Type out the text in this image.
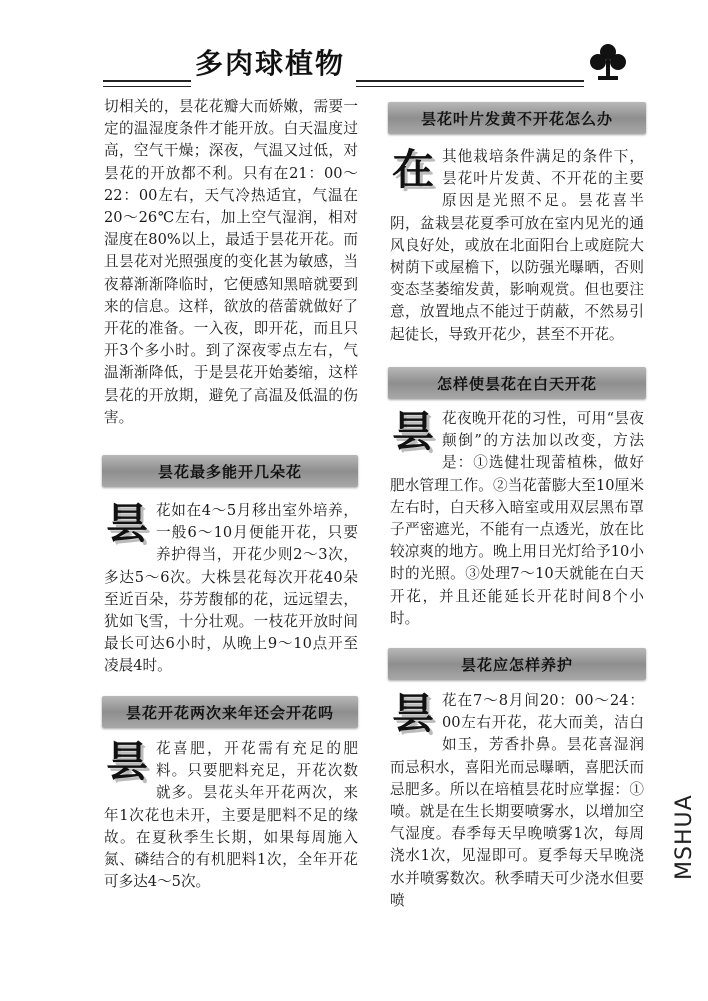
多肉球植物

切相关的，昙花花瓣大而娇嫩，需要一定的温湿度条件才能开放。白天温度过高，空气干燥；深夜，气温又过低，对昙花的开放都不利。只有在21：00～22：00左右，天气冷热适宜，气温在20～26℃左右，加上空气湿润，相对湿度在80%以上，最适于昙花开花。而且昙花对光照强度的变化甚为敏感，当夜幕渐渐降临时，它便感知黑暗就要到来的信息。这样，欲放的蓓蕾就做好了开花的准备。一入夜，即开花，而且只开3个多小时。到了深夜零点左右，气温渐渐降低，于是昙花开始萎缩，这样昙花的开放期，避免了高温及低温的伤害。

昙花最多能开几朵花
昙 花如在4～5月移出室外培养，一般6～10月便能开花，只要养护得当，开花少则2～3次，多达5～6次。大株昙花每次开花40朵至近百朵，芬芳馥郁的花，远远望去，犹如飞雪，十分壮观。一枝花开放时间最长可达6小时，从晚上9～10点开至凌晨4时。

昙花开花两次来年还会开花吗
昙 花喜肥，开花需有充足的肥料。只要肥料充足，开花次数就多。昙花头年开花两次，来年1次花也未开，主要是肥料不足的缘故。在夏秋季生长期，如果每周施入氮、磷结合的有机肥料1次，全年开花可多达4～5次。

昙花叶片发黄不开花怎么办
在 其他栽培条件满足的条件下，昙花叶片发黄、不开花的主要原因是光照不足。昙花喜半阴，盆栽昙花夏季可放在室内见光的通风良好处，或放在北面阳台上或庭院大树荫下或屋檐下，以防强光曝晒，否则变态茎萎缩发黄，影响观赏。但也要注意，放置地点不能过于荫蔽，不然易引起徒长，导致开花少，甚至不开花。

怎样使昙花在白天开花
昙 花夜晚开花的习性，可用“昙夜颠倒”的方法加以改变，方法是：①选健壮现蕾植株，做好肥水管理工作。②当花蕾膨大至10厘米左右时，白天移入暗室或用双层黑布罩子严密遮光，不能有一点透光，放在比较凉爽的地方。晚上用日光灯给予10小时的光照。③处理7～10天就能在白天开花，并且还能延长开花时间8个小时。

昙花应怎样养护
昙 花在7～8月间20：00～24：00左右开花，花大而美，洁白如玉，芳香扑鼻。昙花喜湿润而忌积水，喜阳光而忌曝晒，喜肥沃而忌肥多。所以在培植昙花时应掌握：①喷。就是在生长期要喷雾水，以增加空气湿度。春季每天早晚喷雾1次，每周浇水1次，见湿即可。夏季每天早晚浇水并喷雾数次。秋季晴天可少浇水但要喷

MSHUA
